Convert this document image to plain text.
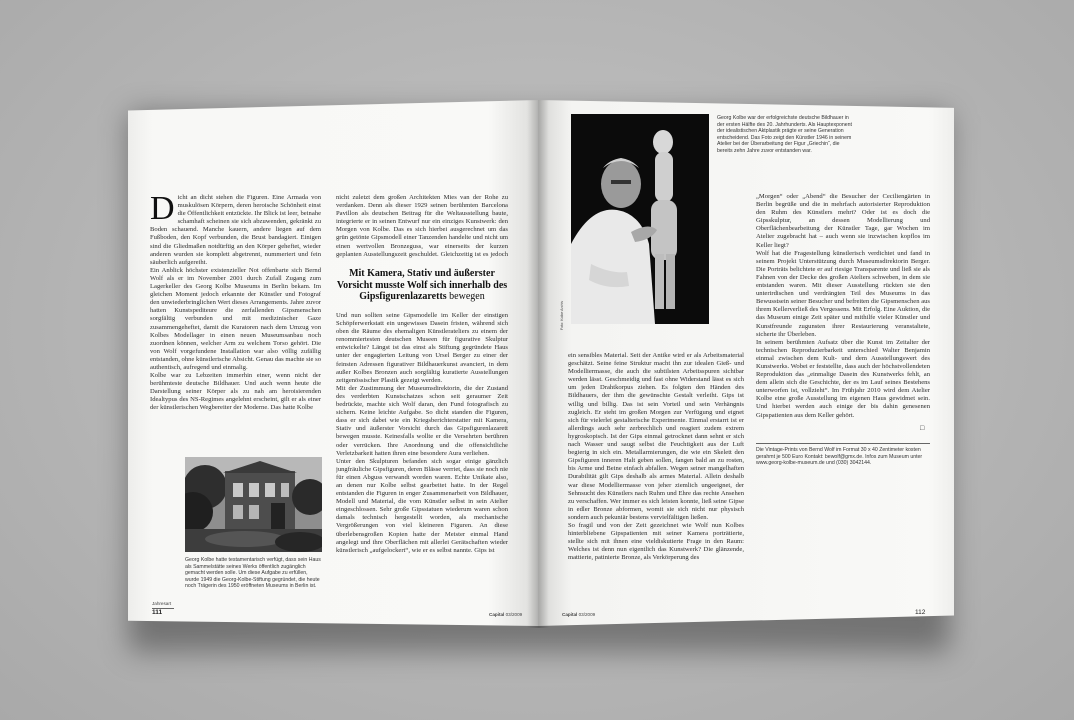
D icht an dicht stehen die Figuren. Eine Armada von muskulösen Körpern, deren heroische Schönheit einst die Öffentlichkeit entzückte. Ihr Blick ist leer, beinahe schamhaft scheinen sie sich abzuwenden, gekränkt zu Boden schauend. Manche kauern, andere liegen auf dem Fußboden, den Kopf verbunden, die Brust bandagiert. Einigen sind die Gliedmaßen notdürftig an den Körper geheftet, wieder anderen wurden sie komplett abgetrennt, nummeriert und fein säuberlich aufgereiht.

Ein Anblick höchster existenzieller Not offenbarte sich Bernd Wolf als er im November 2001 durch Zufall Zugang zum Lagerkeller des Georg Kolbe Museums in Berlin bekam. Im gleichen Moment jedoch erkannte der Künstler und Fotograf den unwiederbringlichen Wert dieses Arrangements. Jahre zuvor hatten Kunstspediteure die zerfallenden Gipsmenschen sorgfältig verbunden und mit medizinischer Gaze zusammengeheftet, damit die Kuratoren nach dem Umzug von Kolbes Modellager in einen neuen Museumsanbau noch zuordnen können, welcher Arm zu welchem Torso gehört. Die von Wolf vorgefundene Installation war also völlig zufällig entstanden, ohne künstlerische Absicht. Genau das machte sie so authentisch, aufregend und einmalig.

Kolbe war zu Lebzeiten immerhin einer, wenn nicht der berühmteste deutsche Bildhauer. Und auch wenn heute die Darstellung seiner Körper als zu nah am heroisierenden Idealtypus des NS-Regimes angelehnt erscheint, gilt er als einer der künstlerischen Wegbereiter der Moderne. Das hatte Kolbe

nicht zuletzt dem großen Architekten Mies van der Rohe zu verdanken. Denn als dieser 1929 seinen berühmten Barcelona Pavillon als deutschen Beitrag für die Weltausstellung baute, integrierte er in seinen Entwurf nur ein einziges Kunstwerk: den Morgen von Kolbe. Das es sich hierbei ausgerechnet um das grün getönte Gipsmodell einer Tanzenden handelte und nicht um einen wertvollen Bronzeguss, war einerseits der kurzen geplanten Ausstellungszeit geschuldet. Gleichzeitig ist es jedoch

Mit Kamera, Stativ und äußerster Vorsicht musste Wolf sich innerhalb des Gipsfigurenlazaretts bewegen

Und nun sollten seine Gipsmodelle im Keller der einstigen Schöpferwerkstatt ein ungewisses Dasein fristen, während sich oben die Räume des ehemaligen Künstlerateliers zu einem der renommiertesten deutschen Museen für figurative Skulptur entwickelte? Längst ist das einst als Stiftung gegründete Haus unter der engagierten Leitung von Ursel Berger zu einer der feinsten Adressen figurativer Bildhauerkunst avanciert, in dem außer Kolbes Bronzen auch sorgfältig kuratierte Ausstellungen zeitgenössischer Plastik gezeigt werden.

Mit der Zustimmung der Museumsdirektorin, die der Zustand des verderbten Kunstschatzes schon seit geraumer Zeit bedrückte, machte sich Wolf daran, den Fund fotografisch zu sichern. Keine leichte Aufgabe. So dicht standen die Figuren, dass er sich dabei wie ein Kriegsberichterstatter mit Kamera, Stativ und äußerster Vorsicht durch das Gipsfigurenlazarett bewegen musste. Keinesfalls wollte er die Versehrten berühren oder verrücken. Ihre Anordnung und die offensichtliche Verletzbarkeit hatten ihren eine besondere Aura verliehen.

Unter den Skulpturen befanden sich sogar einige gänzlich jungfräuliche Gipsfiguren, deren Blässe verriet, dass sie noch nie für einen Abguss verwandt worden waren. Echte Unikate also, an denen nur Kolbe selbst gearbeitet hatte. In der Regel entstanden die Figuren in enger Zusammenarbeit von Bildhauer, Modell und Material, die vom Künstler selbst in sein Atelier eingeschlossen. Sehr große Gipsstatuen wiederum waren schon damals technisch hergestellt worden, als mechanische Vergrößerungen von viel kleineren Figuren. An diese überlebensgroßen Kopien hatte der Meister einmal Hand angelegt und ihre Oberflächen mit allerlei Gerätschaften wieder künstlerisch „aufgelockert“, wie er es selbst nannte. Gips ist

Georg Kolbe hatte testamentarisch verfügt, dass sein Haus als Sammelstätte seines Werks öffentlich zugänglich gemacht werden solle. Um diese Aufgabe zu erfüllen, wurde 1949 die Georg-Kolbe-Stiftung gegründet, die heute noch Trägerin des 1950 eröffneten Museums in Berlin ist.
Jahresart
111	Capital 03/2009
Georg Kolbe war der erfolgreichste deutsche Bildhauer in der ersten Hälfte des 20. Jahrhunderts. Als Hauptexponent der idealistischen Aktplastik prägte er seine Generation entscheidend. Das Foto zeigt den Künstler 1946 in seinem Atelier bei der Überarbeitung der Figur „Griechin“, die bereits zehn Jahre zuvor entstanden war.

ein sensibles Material. Seit der Antike wird er als Arbeitsmaterial geschätzt. Seine feine Struktur macht ihn zur idealen Gieß- und Modelliermasse, die auch die subtilsten Arbeitsspuren sichtbar werden lässt. Geschmeidig und fast ohne Widerstand lässt es sich um jeden Drahtkorpus ziehen. Es folgten den Händen des Bildhauers, der ihm die gewünschte Gestalt verleiht. Gips ist willig und billig. Das ist sein Vorteil und sein Verhängnis zugleich. Er steht im großen Morgen zur Verfügung und eignet sich für vielerlei gestalterische Experimente. Einmal erstarrt ist er allerdings auch sehr zerbrechlich und reagiert zudem extrem hygroskopisch. Ist der Gips einmal getrocknet dann sehnt er sich nach Wasser und saugt selbst die Feuchtigkeit aus der Luft begierig in sich ein. Metallarmierungen, die wie ein Skelett den Gipsfiguren inneren Halt geben sollen, fangen bald an zu rosten, bis Arme und Beine einfach abfallen. Wegen seiner mangelhaften Durabilität gilt Gips deshalb als armes Material. Allein deshalb war diese Modelliermasse von jeher ziemlich ungeeignet, der Sehnsucht des Künstlers nach Ruhm und Ehre das rechte Ansehen zu verschaffen. Wer immer es sich leisten konnte, ließ seine Gipse in edler Bronze abformen, womit sie sich nicht nur physisch sondern auch pekuniär bestens vervielfältigen ließen.

So fragil und von der Zeit gezeichnet wie Wolf nun Kolbes hinterbliebene Gipspatienten mit seiner Kamera porträtierte, stellte sich mit ihnen eine vieldiskutierte Frage in den Raum: Welches ist denn nun eigentlich das Kunstwerk? Die glänzende, mattierte, patinierte Bronze, als Verkörperung des

„Morgen“ oder „Abend“ die Besucher der Ceciliengärten in Berlin begrüße und die in mehrfach autorisierter Reproduktion den Ruhm des Künstlers mehrt? Oder ist es doch die Gipsskulptur, an dessen Modellierung und Oberflächenbearbeitung der Künstler Tage, gar Wochen im Atelier zugebracht hat – auch wenn sie inzwischen kopflos im Keller liegt?

Wolf hat die Fragestellung künstlerisch verdichtet und fand in seinem Projekt Unterstützung durch Museumsdirektorin Berger. Die Porträts belichtete er auf riesige Transparente und ließ sie als Fahnen von der Decke des großen Ateliers schweben, in dem sie entstanden waren. Mit dieser Ausstellung rückten sie den unterirdischen und verdrängten Teil des Museums in das Bewusstsein seiner Besucher und befreiten die Gipsmenschen aus ihrem Kellerverließ des Vergessens. Mit Erfolg. Eine Auktion, die das Museum einige Zeit später und mithilfe vieler Künstler und Kunstfreunde zugunsten ihrer Restaurierung veranstaltete, sicherte ihr Überleben.

In seinem berühmten Aufsatz über die Kunst im Zeitalter der technischen Reproduzierbarkeit unterschied Walter Benjamin einmal zwischen dem Kult- und dem Ausstellungswert des Kunstwerks. Wobei er feststellte, dass auch der höchstvollendeten Reproduktion das „einmalige Dasein des Kunstwerks fehlt, an dem allein sich die Geschichte, der es im Lauf seines Bestehens unterworfen ist, vollzieht“. Im Frühjahr 2010 wird dem Atelier Kolbe eine große Ausstellung im eigenen Haus gewidmet sein. Und hierbei werden auch einige der bis dahin genesenen Gipspatienten aus dem Keller gehört.

□
Die Vintage-Prints von Bernd Wolf im Format 30 x 40 Zentimeter kosten gerahmt je 500 Euro Kontakt: bewolf@gmx.de. Infos zum Museum unter www.georg-kolbe-museum.de und (030) 3042144.
Capital 03/2009	112
Foto: Kolbe Archiv
